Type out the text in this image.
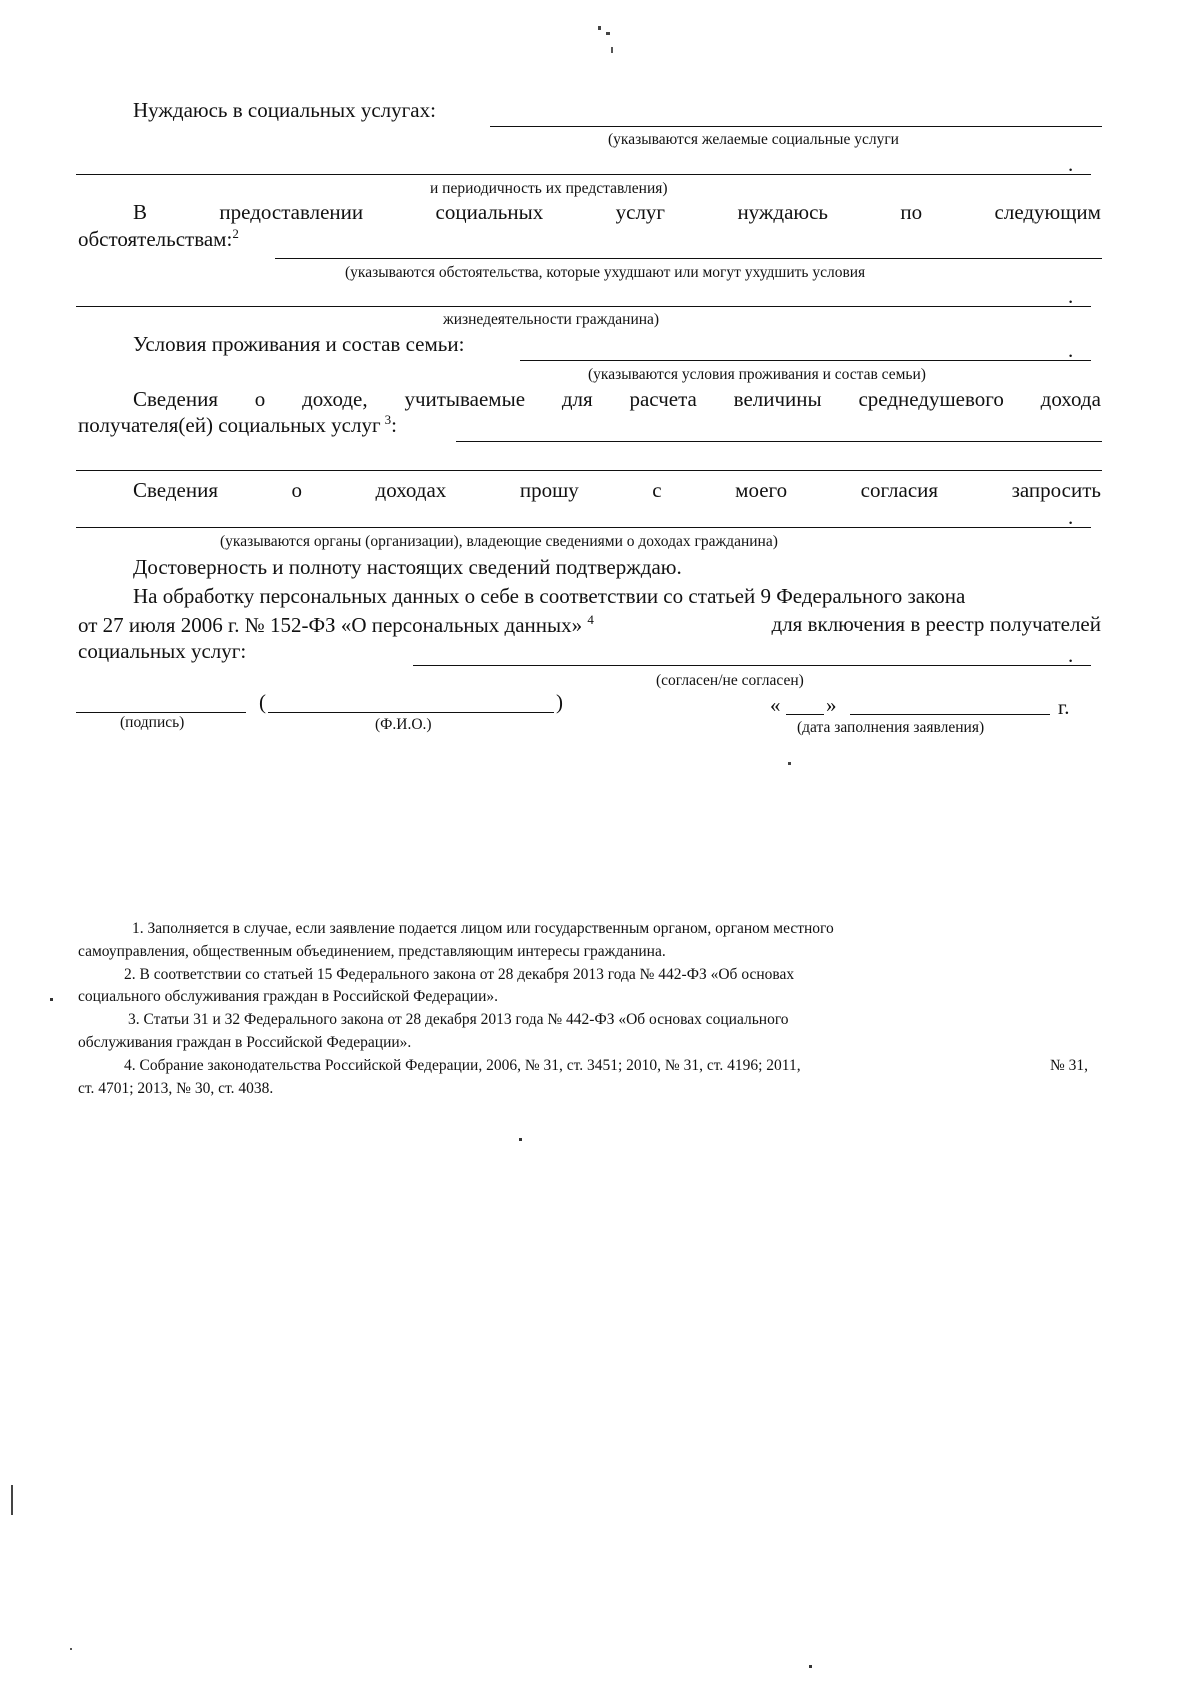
Нуждаюсь в социальных услугах:
(указываются желаемые социальные услуги
.
и периодичность их представления)
В	предоставлении	социальных	услуг	нуждаюсь	по	следующим
обстоятельствам:$^2$
(указываются обстоятельства, которые ухудшают или могут ухудшить условия
.
жизнедеятельности гражданина)
Условия проживания и состав семьи:	.
(указываются условия проживания и состав семьи)
Сведения о доходе, учитываемые для расчета величины среднедушевого дохода
получателя(ей) социальных услуг $^3$:
Сведения	о	доходах	прошу	с	моего	согласия	запросить
.
(указываются органы (организации), владеющие сведениями о доходах гражданина)
Достоверность и полноту настоящих сведений подтверждаю.
На обработку персональных данных о себе в соответствии со статьей 9 Федерального закона
от 27 июля 2006 г. № 152-ФЗ «О персональных данных» $^4$	для включения в реестр получателей
социальных услуг:	.
(согласен/не согласен)
(	)	« »	г.
(подпись)	(Ф.И.О.)	(дата заполнения заявления)
1. Заполняется в случае, если заявление подается лицом или государственным органом, органом местного
самоуправления, общественным объединением, представляющим интересы гражданина.
2. В соответствии со статьей 15 Федерального закона от 28 декабря 2013 года № 442-ФЗ «Об основах
социального обслуживания граждан в Российской Федерации».
3. Статьи 31 и 32 Федерального закона от 28 декабря 2013 года № 442-ФЗ «Об основах социального
обслуживания граждан в Российской Федерации».
4. Собрание законодательства Российской Федерации, 2006, № 31, ст. 3451; 2010, № 31, ст. 4196; 2011,	№ 31,
ст. 4701; 2013, № 30, ст. 4038.
